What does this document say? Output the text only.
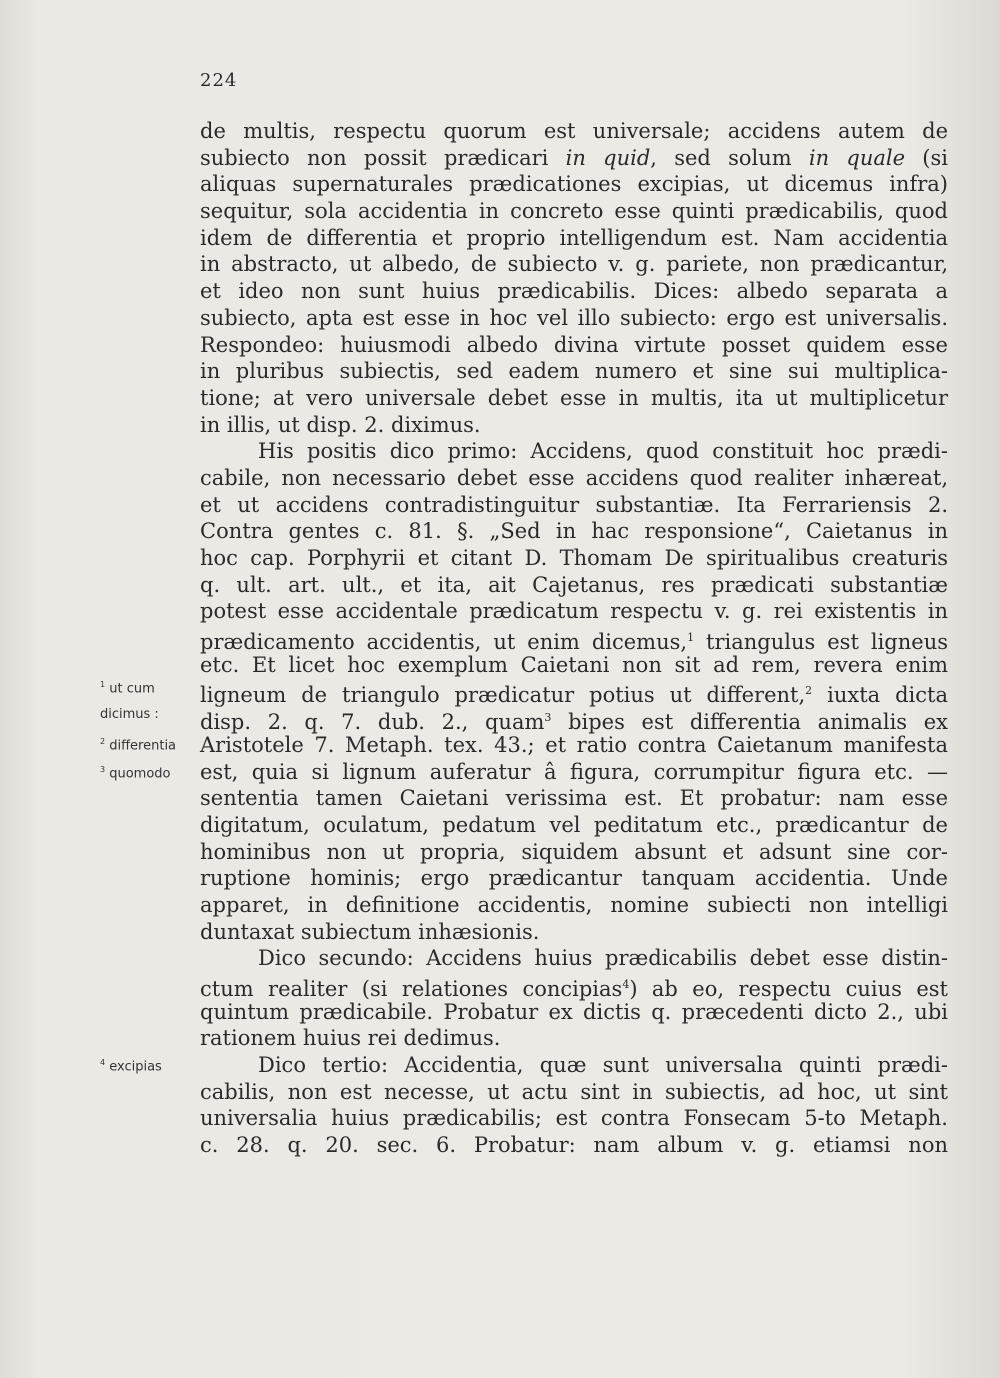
224
de multis, respectu quorum est universale; accidens autem de
subiecto non possit prædicari in quid, sed solum in quale (si
aliquas supernaturales prædicationes excipias, ut dicemus infra)
sequitur, sola accidentia in concreto esse quinti prædicabilis, quod
idem de differentia et proprio intelligendum est. Nam accidentia
in abstracto, ut albedo, de subiecto v. g. pariete, non prædicantur,
et ideo non sunt huius prædicabilis. Dices: albedo separata a
subiecto, apta est esse in hoc vel illo subiecto: ergo est universalis.
Respondeo: huiusmodi albedo divina virtute posset quidem esse
in pluribus subiectis, sed eadem numero et sine sui multiplica-
tione; at vero universale debet esse in multis, ita ut multiplicetur
in illis, ut disp. 2. diximus.
His positis dico primo: Accidens, quod constituit hoc prædi-
cabile, non necessario debet esse accidens quod realiter inhæreat,
et ut accidens contradistinguitur substantiæ. Ita Ferrariensis 2.
Contra gentes c. 81. §. „Sed in hac responsione“, Caietanus in
hoc cap. Porphyrii et citant D. Thomam De spiritualibus creaturis
q. ult. art. ult., et ita, ait Cajetanus, res prædicati substantiæ
potest esse accidentale prædicatum respectu v. g. rei existentis in
prædicamento accidentis, ut enim dicemus,$^1$ triangulus est ligneus
etc. Et licet hoc exemplum Caietani non sit ad rem, revera enim
ligneum de triangulo prædicatur potius ut different,$^2$ iuxta dicta
disp. 2. q. 7. dub. 2., quam$^3$ bipes est differentia animalis ex
Aristotele 7. Metaph. tex. 43.; et ratio contra Caietanum manifesta
est, quia si lignum auferatur â figura, corrumpitur figura etc. —
sententia tamen Caietani verissima est. Et probatur: nam esse
digitatum, oculatum, pedatum vel peditatum etc., prædicantur de
hominibus non ut propria, siquidem absunt et adsunt sine cor-
ruptione hominis; ergo prædicantur tanquam accidentia. Unde
apparet, in definitione accidentis, nomine subiecti non intelligi
duntaxat subiectum inhæsionis.
Dico secundo: Accidens huius prædicabilis debet esse distin-
ctum realiter (si relationes concipias$^4$) ab eo, respectu cuius est
quintum prædicabile. Probatur ex dictis q. præcedenti dicto 2., ubi
rationem huius rei dedimus.
Dico tertio: Accidentia, quæ sunt universalıa quinti prædi-
cabilis, non est necesse, ut actu sint in subiectis, ad hoc, ut sint
universalia huius prædicabilis; est contra Fonsecam 5-to Metaph.
c. 28. q. 20. sec. 6. Probatur: nam album v. g. etiamsi non
$^1$ ut cum
dicimus :
$^2$ differentia
$^3$ quomodo
$^4$ excipias
